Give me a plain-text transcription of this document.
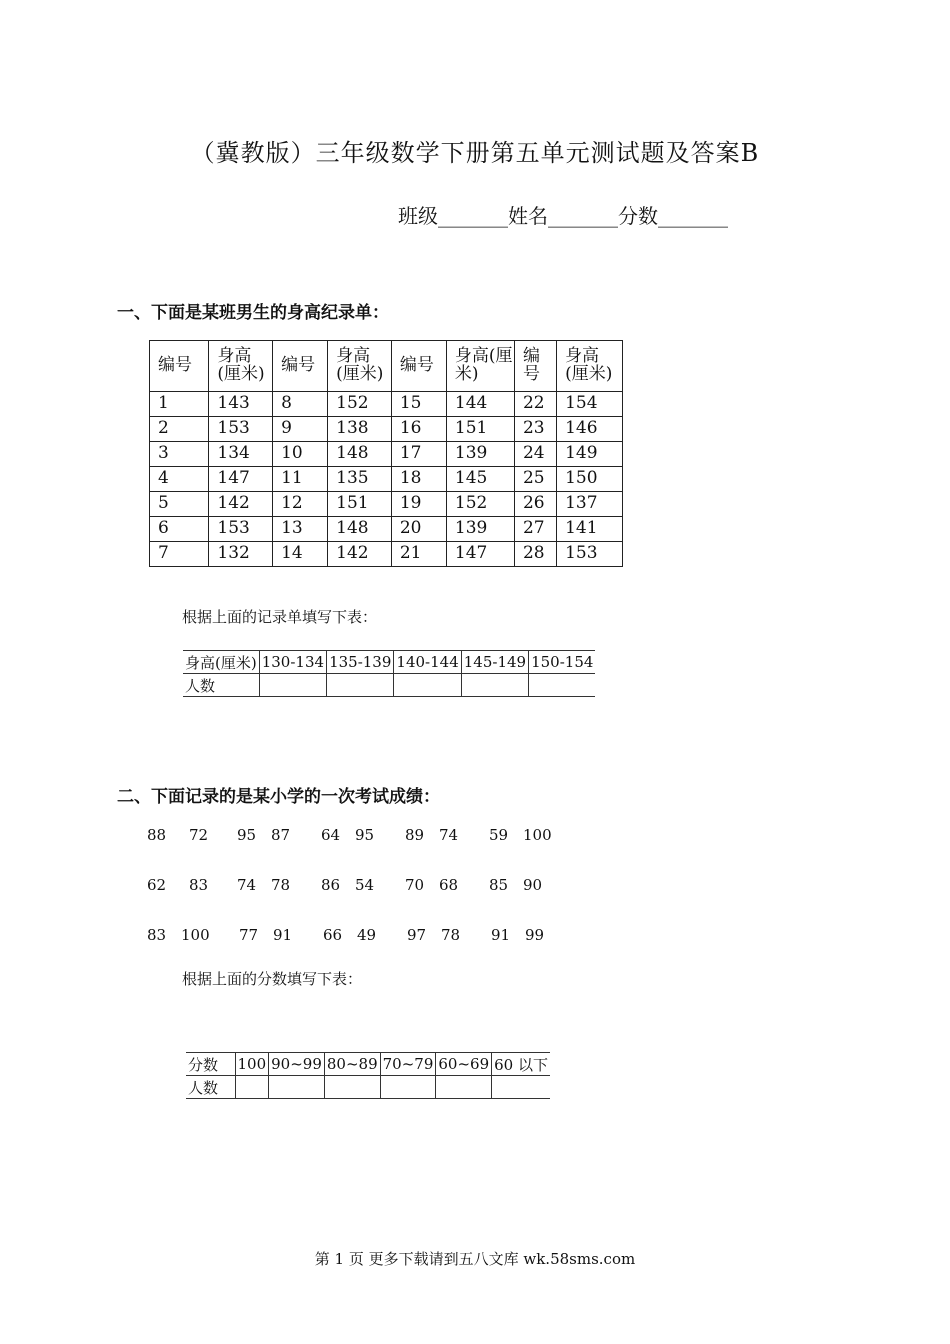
（冀教版）三年级数学下册第五单元测试题及答案B
班级_______姓名_______分数_______
一、下面是某班男生的身高纪录单：
编号	身高(厘米)	编号	身高(厘米)	编号	身高(厘米)	编号	身高(厘米)
1	143	8	152	15	144	22	154
2	153	9	138	16	151	23	146
3	134	10	148	17	139	24	149
4	147	11	135	18	145	25	150
5	142	12	151	19	152	26	137
6	153	13	148	20	139	27	141
7	132	14	142	21	147	28	153
根据上面的记录单填写下表：
身高(厘米)	130-134	135-139	140-144	145-149	150-154
人数					
二、下面记录的是某小学的一次考试成绩：
88 72 95 87 64 95 89 74 59 100
62 83 74 78 86 54 70 68 85 90
83 100 77 91 66 49 97 78 91 99
根据上面的分数填写下表：
分数	100	90~99	80~89	70~79	60~69	60 以下
人数						
第 1 页 更多下载请到五八文库 wk.58sms.com
